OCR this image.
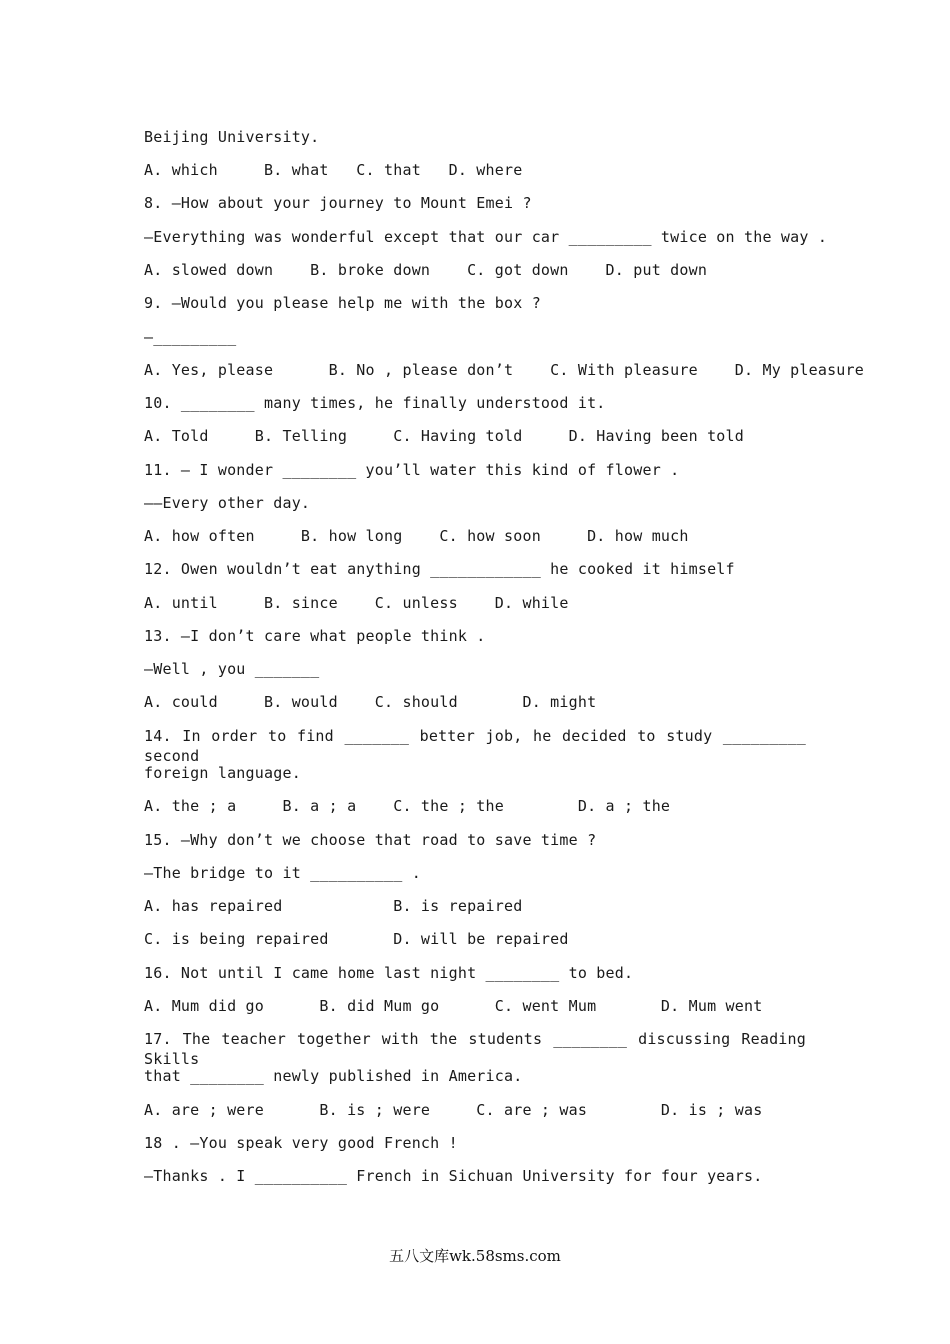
Beijing University.
A. which     B. what   C. that   D. where
8. —How about your journey to Mount Emei ?
—Everything was wonderful except that our car _________ twice on the way .
A. slowed down    B. broke down    C. got down    D. put down
9. —Would you please help me with the box ?
—_________
A. Yes, please      B. No , please don’t    C. With pleasure    D. My pleasure
10. ________ many times, he finally understood it.
A. Told     B. Telling     C. Having told     D. Having been told
11. — I wonder ________ you’ll water this kind of flower .
——Every other day.
A. how often     B. how long    C. how soon     D. how much
12. Owen wouldn’t eat anything ____________ he cooked it himself
A. until     B. since    C. unless    D. while
13. —I don’t care what people think .
—Well , you _______
A. could     B. would    C. should       D. might
14. In order to find _______ better job, he decided to study _________ second
foreign language.
A. the ; a     B. a ; a    C. the ; the        D. a ; the
15. —Why don’t we choose that road to save time ?
—The bridge to it __________ .
A. has repaired            B. is repaired
C. is being repaired       D. will be repaired
16. Not until I came home last night ________ to bed.
A. Mum did go      B. did Mum go      C. went Mum       D. Mum went
17. The teacher together with the students ________ discussing Reading Skills
that ________ newly published in America.
A. are ; were      B. is ; were     C. are ; was        D. is ; was
18 . —You speak very good French !
—Thanks . I __________ French in Sichuan University for four years.
五八文库wk.58sms.com
